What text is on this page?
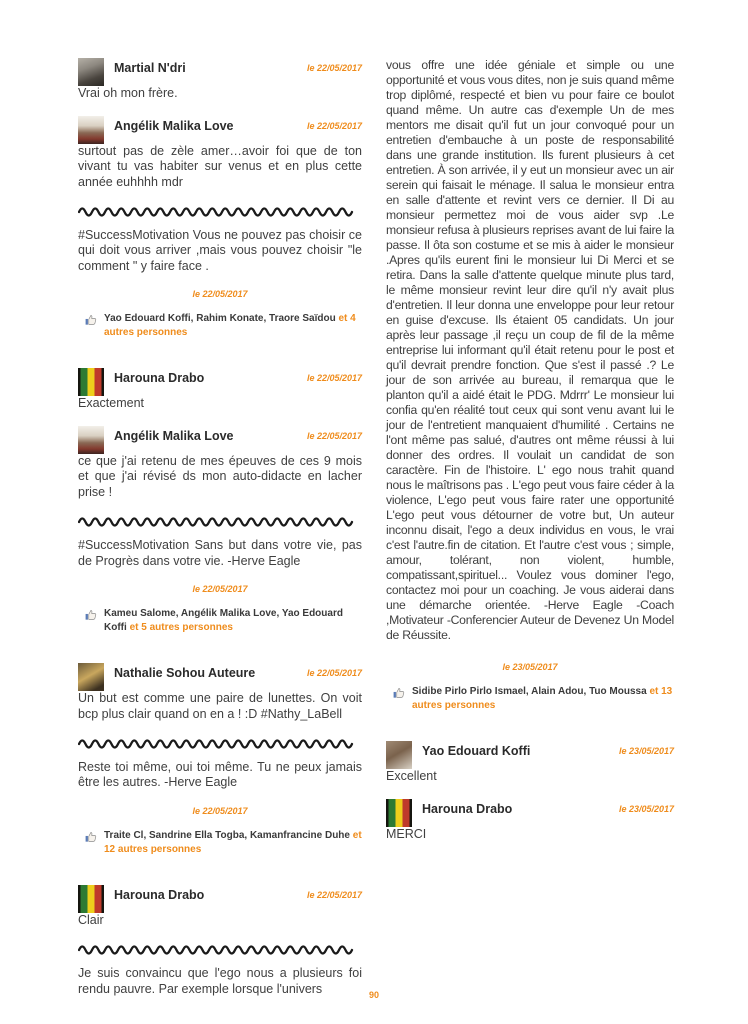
Martial N'dri	le 22/05/2017
Vrai oh mon frère.
Angélik Malika Love	le 22/05/2017
surtout pas de zèle amer…avoir foi que de ton vivant tu vas habiter sur venus et en plus cette année euhhhh mdr
#SuccessMotivation Vous ne pouvez pas choisir ce qui doit vous arriver ,mais vous pouvez choisir "le comment " y faire face .
le 22/05/2017
Yao Edouard Koffi, Rahim Konate, Traore Saïdou et 4 autres personnes
Harouna Drabo	le 22/05/2017
Exactement
Angélik Malika Love	le 22/05/2017
ce que j'ai retenu de mes épeuves de ces 9 mois et que j'ai révisé ds mon auto-didacte en lacher prise !
#SuccessMotivation Sans but dans votre vie, pas de Progrès dans votre vie. -Herve Eagle
le 22/05/2017
Kameu Salome, Angélik Malika Love, Yao Edouard Koffi et 5 autres personnes
Nathalie Sohou Auteure	le 22/05/2017
Un but est comme une paire de lunettes. On voit bcp plus clair quand on en a ! :D #Nathy_LaBell
Reste toi même, oui toi même. Tu ne peux jamais être les autres. -Herve Eagle
le 22/05/2017
Traite Cl, Sandrine Ella Togba, Kamanfrancine Duhe et 12 autres personnes
Harouna Drabo	le 22/05/2017
Clair
Je suis convaincu que l'ego nous a plusieurs foi rendu pauvre. Par exemple lorsque l'univers
vous offre une idée géniale et simple ou une opportunité et vous vous dites, non je suis quand même trop diplômé, respecté et bien vu pour faire ce boulot quand même. Un autre cas d'exemple Un de mes mentors me disait qu'il fut un jour convoqué pour un entretien d'embauche à un poste de responsabilité dans une grande institution. Ils furent plusieurs à cet entretien. À son arrivée, il y eut un monsieur avec un air serein qui faisait le ménage. Il salua le monsieur entra en salle d'attente et revint vers ce dernier. Il Di au monsieur permettez moi de vous aider svp .Le monsieur refusa à plusieurs reprises avant de lui faire la passe. Il ôta son costume et se mis à aider le monsieur .Apres qu'ils eurent fini le monsieur lui Di Merci et se retira. Dans la salle d'attente quelque minute plus tard, le même monsieur revint leur dire qu'il n'y avait plus d'entretien. Il leur donna une enveloppe pour leur retour en guise d'excuse. Ils étaient 05 candidats. Un jour après leur passage ,il reçu un coup de fil de la même entreprise lui informant qu'il était retenu pour le post et qu'il devrait prendre fonction. Que s'est il passé .? Le jour de son arrivée au bureau, il remarqua que le planton qu'il a aidé était le PDG. Mdrrr' Le monsieur lui confia qu'en réalité tout ceux qui sont venu avant lui le jour de l'entretient manquaient d'humilité . Certains ne l'ont même pas salué, d'autres ont même réussi à lui donner des ordres. Il voulait un candidat de son caractère. Fin de l'histoire. L' ego nous trahit quand nous le maîtrisons pas . L'ego peut vous faire céder à la violence, L'ego peut vous faire rater une opportunité L'ego peut vous détourner de votre but, Un auteur inconnu disait, l'ego a deux individus en vous, le vrai c'est l'autre.fin de citation. Et l'autre c'est vous ; simple, amour, tolérant, non violent, humble, compatissant,spirituel... Voulez vous dominer l'ego, contactez moi pour un coaching. Je vous aiderai dans une démarche orientée. -Herve Eagle -Coach ,Motivateur -Conferencier Auteur de Devenez Un Model de Réussite.
le 23/05/2017
Sidibe Pirlo Pirlo Ismael, Alain Adou, Tuo Moussa et 13 autres personnes
Yao Edouard Koffi	le 23/05/2017
Excellent
Harouna Drabo	le 23/05/2017
MERCI
90
